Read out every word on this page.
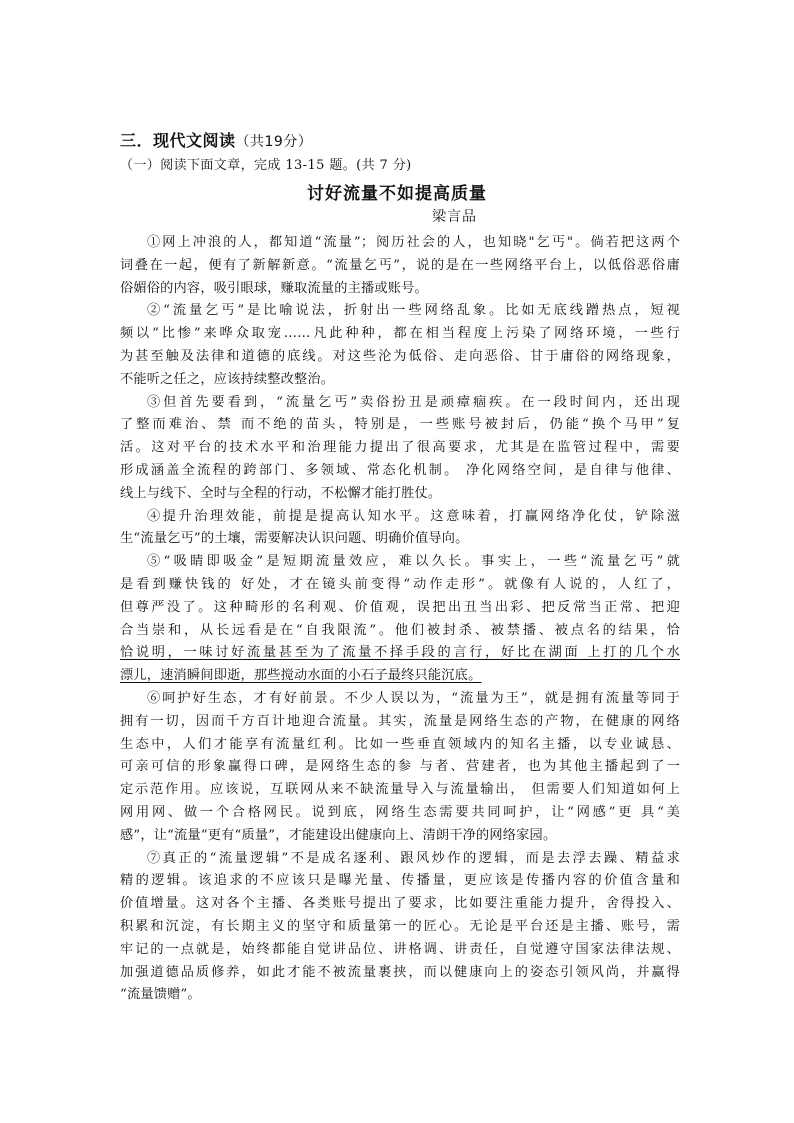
三．现代文阅读（共19分）
（一）阅读下面文章，完成 13-15 题。(共 7 分)
讨好流量不如提高质量
梁言品
①网上冲浪的人，都知道“流量”；阅历社会的人，也知晓"乞丐"。倘若把这两个
词叠在一起，便有了新解新意。“流量乞丐”，说的是在一些网络平台上，以低俗恶俗庸
俗媚俗的内容，吸引眼球，赚取流量的主播或账号。
②“流量乞丐”是比喻说法，折射出一些网络乱象。比如无底线蹭热点，短视
频以“比惨”来哗众取宠……凡此种种，都在相当程度上污染了网络环境，一些行
为甚至触及法律和道德的底线。对这些沦为低俗、走向恶俗、甘于庸俗的网络现象，
不能听之任之，应该持续整改整治。
③但首先要看到，“流量乞丐”卖俗扮丑是顽瘴痼疾。在一段时间内，还出现
了整而难治、禁 而不绝的苗头，特别是，一些账号被封后，仍能“换个马甲”复
活。这对平台的技术水平和治理能力提出了很高要求，尤其是在监管过程中，需要
形成涵盖全流程的跨部门、多领域、常态化机制。 净化网络空间，是自律与他律、
线上与线下、全时与全程的行动，不松懈才能打胜仗。
④提升治理效能，前提是提高认知水平。这意味着，打赢网络净化仗，铲除滋
生“流量乞丐”的土壤，需要解决认识问题、明确价值导向。
⑤“吸睛即吸金”是短期流量效应，难以久长。事实上，一些“流量乞丐”就
是看到赚快钱的 好处，才在镜头前变得“动作走形”。就像有人说的，人红了，
但尊严没了。这种畸形的名利观、价值观，误把出丑当出彩、把反常当正常、把迎
合当崇和，从长远看是在“自我限流”。他们被封杀、被禁播、被点名的结果，恰
恰说明，一味讨好流量甚至为了流量不择手段的言行，好比在湖面 上打的几个水
漂儿，速消瞬间即逝，那些搅动水面的小石子最终只能沉底。
⑥呵护好生态，才有好前景。不少人误以为，“流量为王”，就是拥有流量等同于
拥有一切，因而千方百计地迎合流量。其实，流量是网络生态的产物，在健康的网络
生态中，人们才能享有流量红利。比如一些垂直领域内的知名主播，以专业诚恳、
可亲可信的形象赢得口碑，是网络生态的参 与者、营建者，也为其他主播起到了一
定示范作用。应该说，互联网从来不缺流量导入与流量输出， 但需要人们知道如何上
网用网、做一个合格网民。说到底，网络生态需要共同呵护，让“网感”更 具“美
感”，让“流量”更有“质量”，才能建设出健康向上、清朗干净的网络家园。
⑦真正的“流量逻辑”不是成名逐利、跟风炒作的逻辑，而是去浮去躁、精益求
精的逻辑。该追求的不应该只是曝光量、传播量，更应该是传播内容的价值含量和
价值增量。这对各个主播、各类账号提出了要求，比如要注重能力提升，舍得投入、
积累和沉淀，有长期主义的坚守和质量第一的匠心。无论是平台还是主播、账号，需
牢记的一点就是，始终都能自觉讲品位、讲格调、讲责任，自觉遵守国家法律法规、
加强道德品质修养，如此才能不被流量裹挟，而以健康向上的姿态引领风尚，并赢得
“流量馈赠”。
